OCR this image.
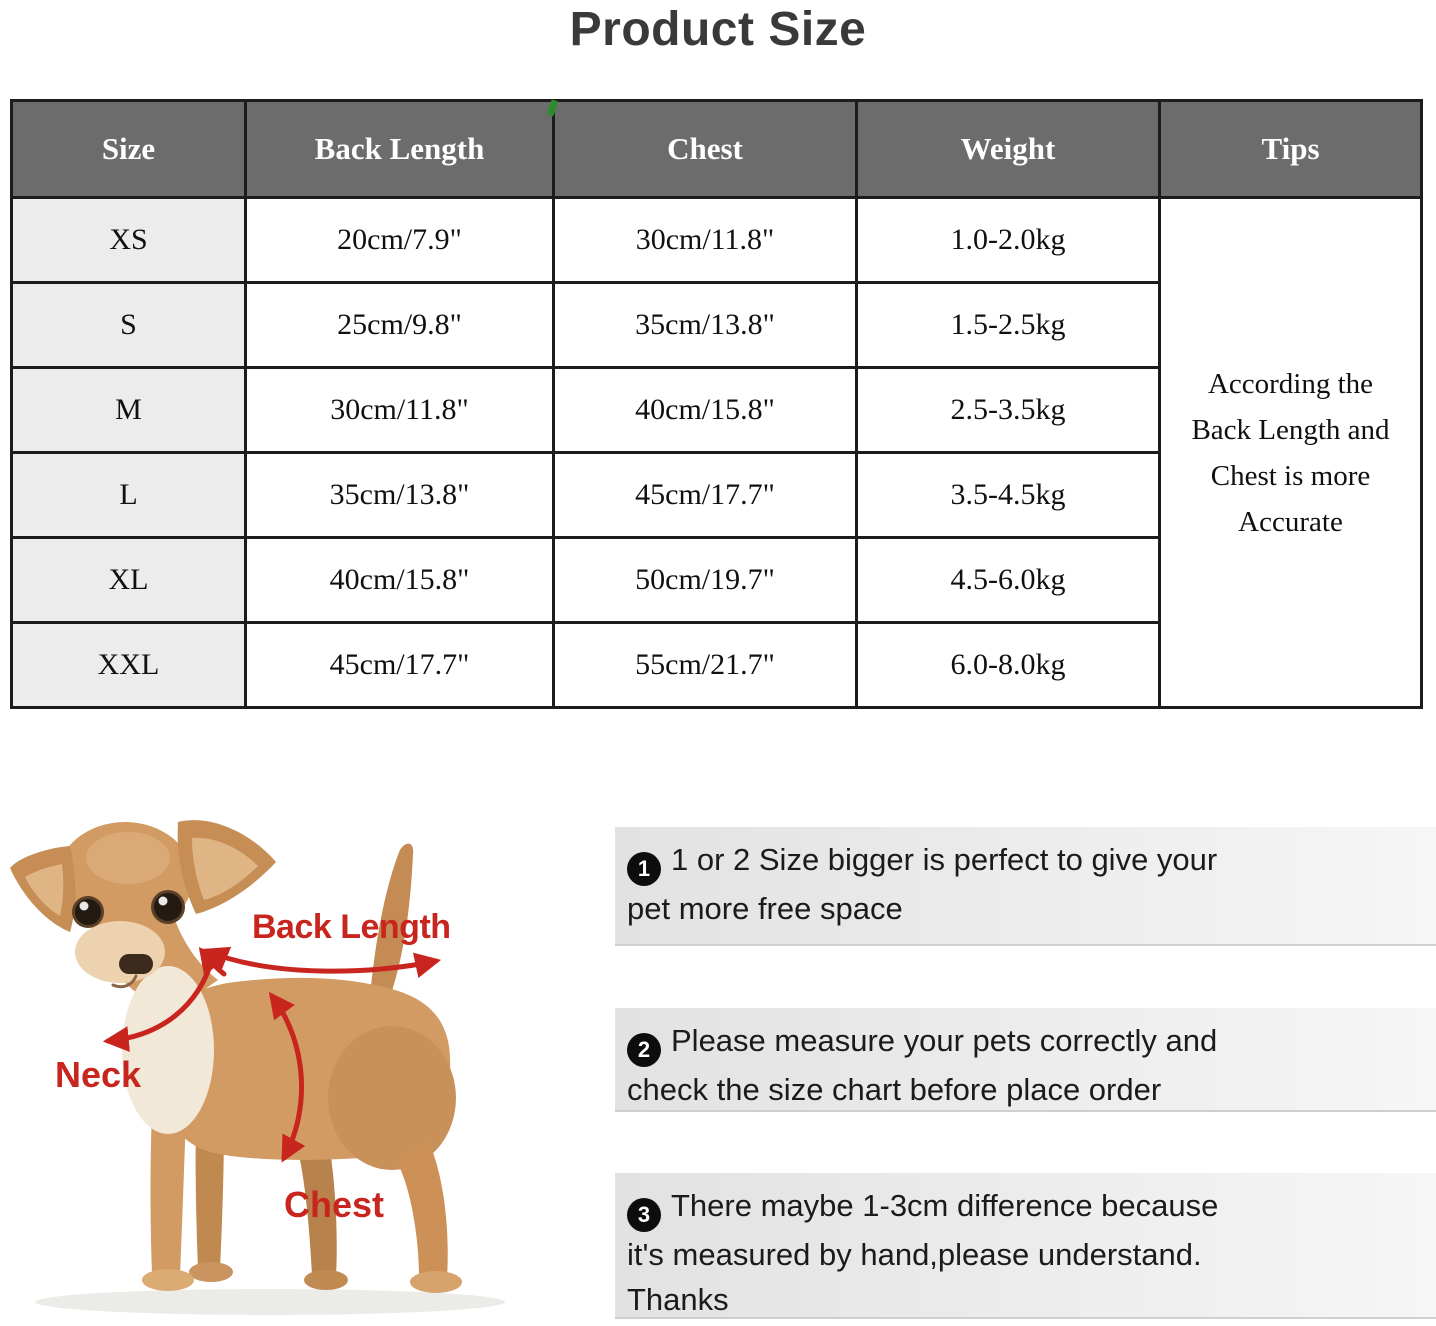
Product Size
Size	Back Length	Chest	Weight	Tips
XS	20cm/7.9"	30cm/11.8"	1.0-2.0kg	According the Back Length and Chest is more Accurate
S	25cm/9.8"	35cm/13.8"	1.5-2.5kg	
M	30cm/11.8"	40cm/15.8"	2.5-3.5kg	
L	35cm/13.8"	45cm/17.7"	3.5-4.5kg	
XL	40cm/15.8"	50cm/19.7"	4.5-6.0kg	
XXL	45cm/17.7"	55cm/21.7"	6.0-8.0kg	
Back Length
Neck
Chest
1 1 or 2 Size bigger is perfect to give your
pet more free space
2 Please measure your pets correctly and
check the size chart before place order
3 There maybe 1-3cm difference because
it's measured by hand,please understand.
Thanks
